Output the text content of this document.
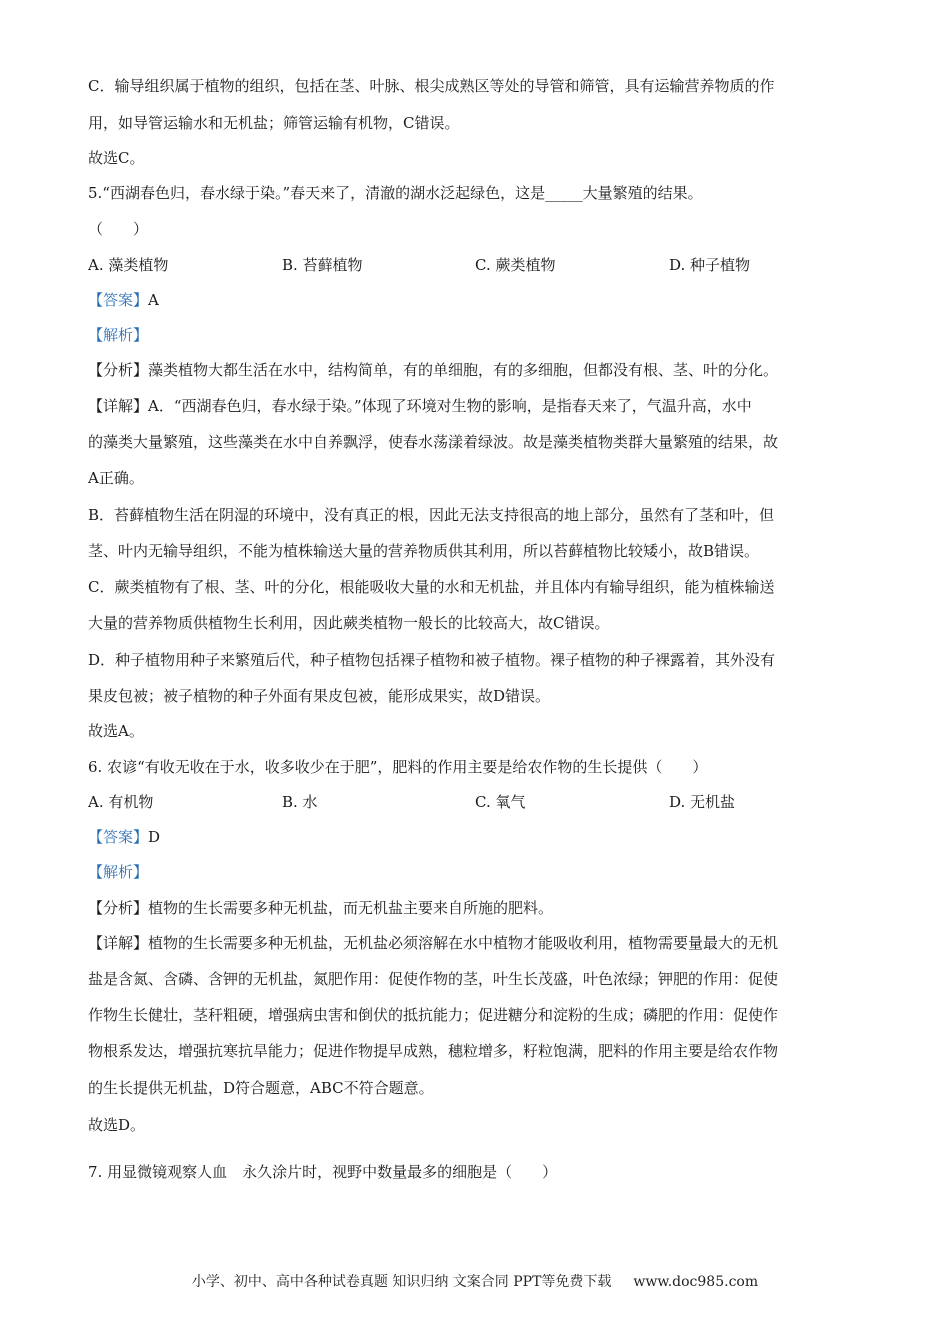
C．输导组织属于植物的组织，包括在茎、叶脉、根尖成熟区等处的导管和筛管，具有运输营养物质的作
用，如导管运输水和无机盐；筛管运输有机物，C错误。
故选C。
5.“西湖春色归，春水绿于染。”春天来了，清澈的湖水泛起绿色，这是_____大量繁殖的结果。
（　　）
A. 藻类植物	B. 苔藓植物	C. 蕨类植物	D. 种子植物
【答案】A
【解析】
【分析】藻类植物大都生活在水中，结构简单，有的单细胞，有的多细胞，但都没有根、茎、叶的分化。
【详解】A．“西湖春色归，春水绿于染。”体现了环境对生物的影响，是指春天来了，气温升高，水中
的藻类大量繁殖，这些藻类在水中自养飘浮，使春水荡漾着绿波。故是藻类植物类群大量繁殖的结果，故
A正确。
B．苔藓植物生活在阴湿的环境中，没有真正的根，因此无法支持很高的地上部分，虽然有了茎和叶，但
茎、叶内无输导组织，不能为植株输送大量的营养物质供其利用，所以苔藓植物比较矮小，故B错误。
C．蕨类植物有了根、茎、叶的分化，根能吸收大量的水和无机盐，并且体内有输导组织，能为植株输送
大量的营养物质供植物生长利用，因此蕨类植物一般长的比较高大，故C错误。
D．种子植物用种子来繁殖后代，种子植物包括裸子植物和被子植物。裸子植物的种子裸露着，其外没有
果皮包被；被子植物的种子外面有果皮包被，能形成果实，故D错误。
故选A。
6. 农谚“有收无收在于水，收多收少在于肥”，肥料的作用主要是给农作物的生长提供（　　）
A. 有机物	B. 水	C. 氧气	D. 无机盐
【答案】D
【解析】
【分析】植物的生长需要多种无机盐，而无机盐主要来自所施的肥料。
【详解】植物的生长需要多种无机盐，无机盐必须溶解在水中植物才能吸收利用，植物需要量最大的无机
盐是含氮、含磷、含钾的无机盐，氮肥作用：促使作物的茎，叶生长茂盛，叶色浓绿；钾肥的作用：促使
作物生长健壮，茎秆粗硬，增强病虫害和倒伏的抵抗能力；促进糖分和淀粉的生成；磷肥的作用：促使作
物根系发达，增强抗寒抗旱能力；促进作物提早成熟，穗粒增多，籽粒饱满，肥料的作用主要是给农作物
的生长提供无机盐，D符合题意，ABC不符合题意。
故选D。
7. 用显微镜观察人血　永久涂片时，视野中数量最多的细胞是（　　）
小学、初中、高中各种试卷真题 知识归纳 文案合同 PPT等免费下载 www.doc985.com
